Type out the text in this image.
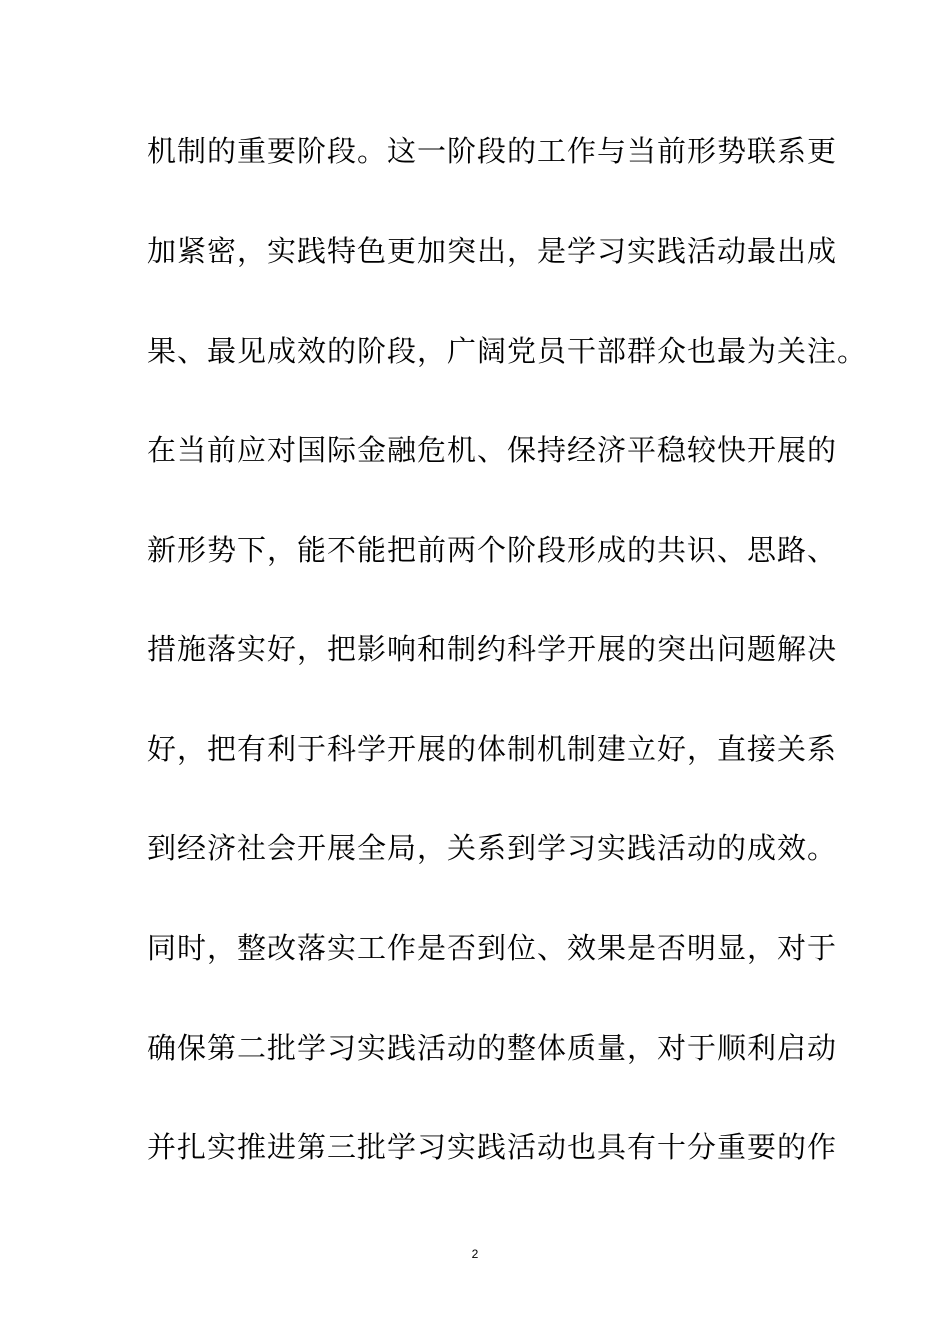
机制的重要阶段。这一阶段的工作与当前形势联系更
加紧密，实践特色更加突出，是学习实践活动最出成
果、最见成效的阶段，广阔党员干部群众也最为关注。
在当前应对国际金融危机、保持经济平稳较快开展的
新形势下，能不能把前两个阶段形成的共识、思路、
措施落实好，把影响和制约科学开展的突出问题解决
好，把有利于科学开展的体制机制建立好，直接关系
到经济社会开展全局，关系到学习实践活动的成效。
同时，整改落实工作是否到位、效果是否明显，对于
确保第二批学习实践活动的整体质量，对于顺利启动
并扎实推进第三批学习实践活动也具有十分重要的作
2
